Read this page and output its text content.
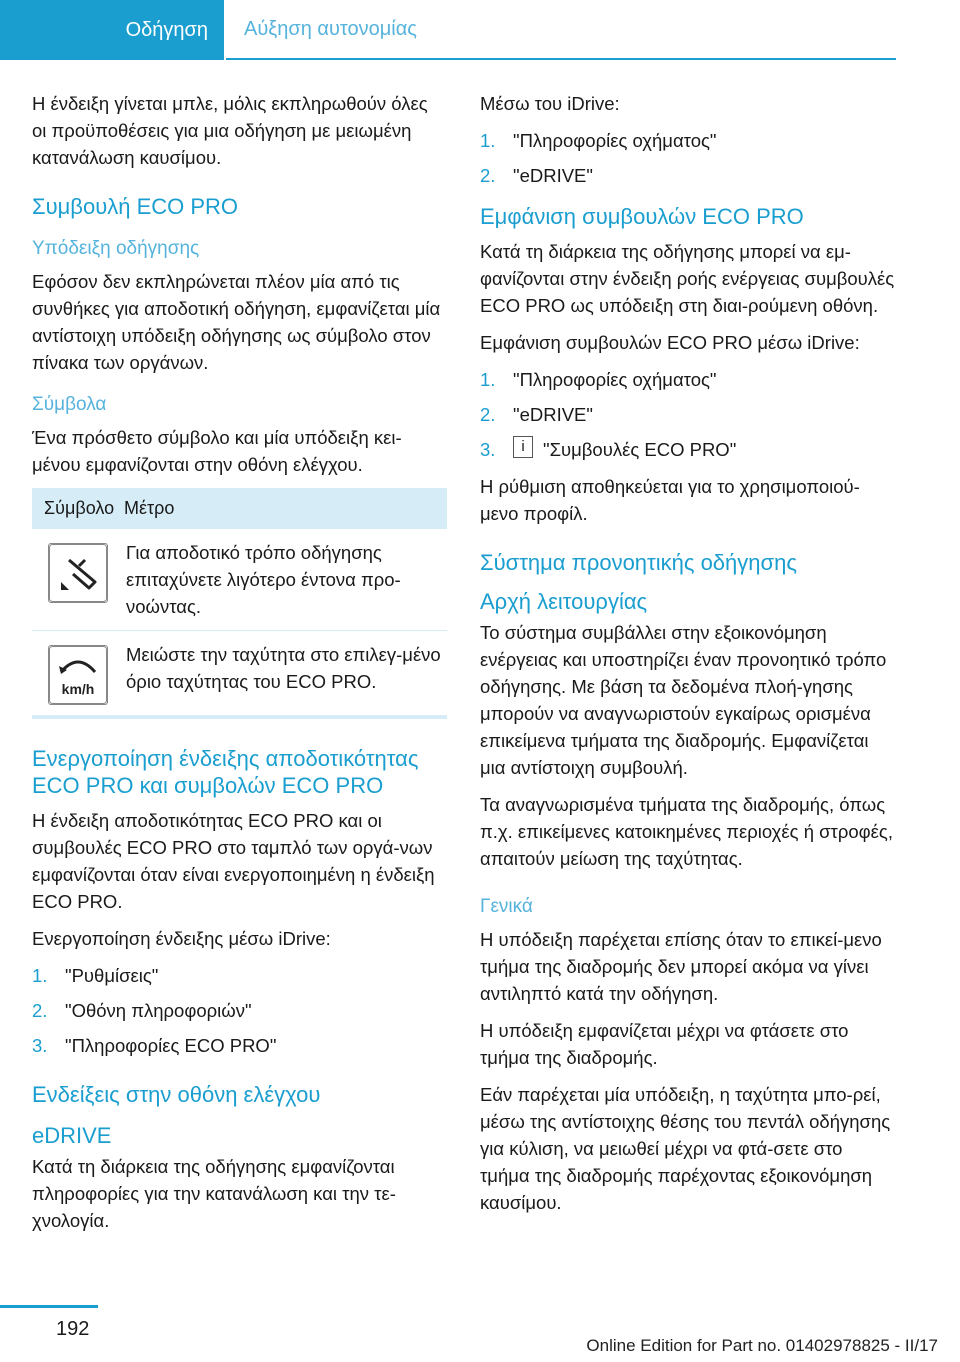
Οδήγηση	Αύξηση αυτονομίας

Η ένδειξη γίνεται μπλε, μόλις εκπληρωθούν όλες οι προϋποθέσεις για μια οδήγηση με μειωμένη κατανάλωση καυσίμου.

Συμβουλή ECO PRO
Υπόδειξη οδήγησης

Εφόσον δεν εκπληρώνεται πλέον μία από τις συνθήκες για αποδοτική οδήγηση, εμφανίζεται μία αντίστοιχη υπόδειξη οδήγησης ως σύμβολο στον πίνακα των οργάνων.

Σύμβολα

Ένα πρόσθετο σύμβολο και μία υπόδειξη κει-μένου εμφανίζονται στην οθόνη ελέγχου.

Σύμβολο Μέτρο
Για αποδοτικό τρόπο οδήγησης επιταχύνετε λιγότερο έντονα προ-νοώντας.
km/h
Μειώστε την ταχύτητα στο επιλεγ-μένο όριο ταχύτητας του ECO PRO.
Ενεργοποίηση ένδειξης αποδοτικότητας ECO PRO και συμβολών ECO PRO

Η ένδειξη αποδοτικότητας ECO PRO και οι συμβουλές ECO PRO στο ταμπλό των οργά-νων εμφανίζονται όταν είναι ενεργοποιημένη η ένδειξη ECO PRO.

Ενεργοποίηση ένδειξης μέσω iDrive:

1. "Ρυθμίσεις"
2. "Οθόνη πληροφοριών"
3. "Πληροφορίες ECO PRO"
Ενδείξεις στην οθόνη ελέγχου
eDRIVE

Κατά τη διάρκεια της οδήγησης εμφανίζονται πληροφορίες για την κατανάλωση και την τε-χνολογία.

Μέσω του iDrive:

1. "Πληροφορίες οχήματος"
2. "eDRIVE"
Εμφάνιση συμβουλών ECO PRO

Κατά τη διάρκεια της οδήγησης μπορεί να εμ-φανίζονται στην ένδειξη ροής ενέργειας συμβουλές ECO PRO ως υπόδειξη στη διαι-ρούμενη οθόνη.

Εμφάνιση συμβουλών ECO PRO μέσω iDrive:

1. "Πληροφορίες οχήματος"
2. "eDRIVE"
3.	i "Συμβουλές ECO PRO"

Η ρύθμιση αποθηκεύεται για το χρησιμοποιού-μενο προφίλ.

Σύστημα προνοητικής οδήγησης
Αρχή λειτουργίας

Το σύστημα συμβάλλει στην εξοικονόμηση ενέργειας και υποστηρίζει έναν προνοητικό τρόπο οδήγησης. Με βάση τα δεδομένα πλοή-γησης μπορούν να αναγνωριστούν εγκαίρως ορισμένα επικείμενα τμήματα της διαδρομής. Εμφανίζεται μια αντίστοιχη συμβουλή.

Τα αναγνωρισμένα τμήματα της διαδρομής, όπως π.χ. επικείμενες κατοικημένες περιοχές ή στροφές, απαιτούν μείωση της ταχύτητας.

Γενικά

Η υπόδειξη παρέχεται επίσης όταν το επικεί-μενο τμήμα της διαδρομής δεν μπορεί ακόμα να γίνει αντιληπτό κατά την οδήγηση.

Η υπόδειξη εμφανίζεται μέχρι να φτάσετε στο τμήμα της διαδρομής.

Εάν παρέχεται μία υπόδειξη, η ταχύτητα μπο-ρεί, μέσω της αντίστοιχης θέσης του πεντάλ οδήγησης για κύλιση, να μειωθεί μέχρι να φτά-σετε στο τμήμα της διαδρομής παρέχοντας εξοικονόμηση καυσίμου.

192
Online Edition for Part no. 01402978825 - II/17
